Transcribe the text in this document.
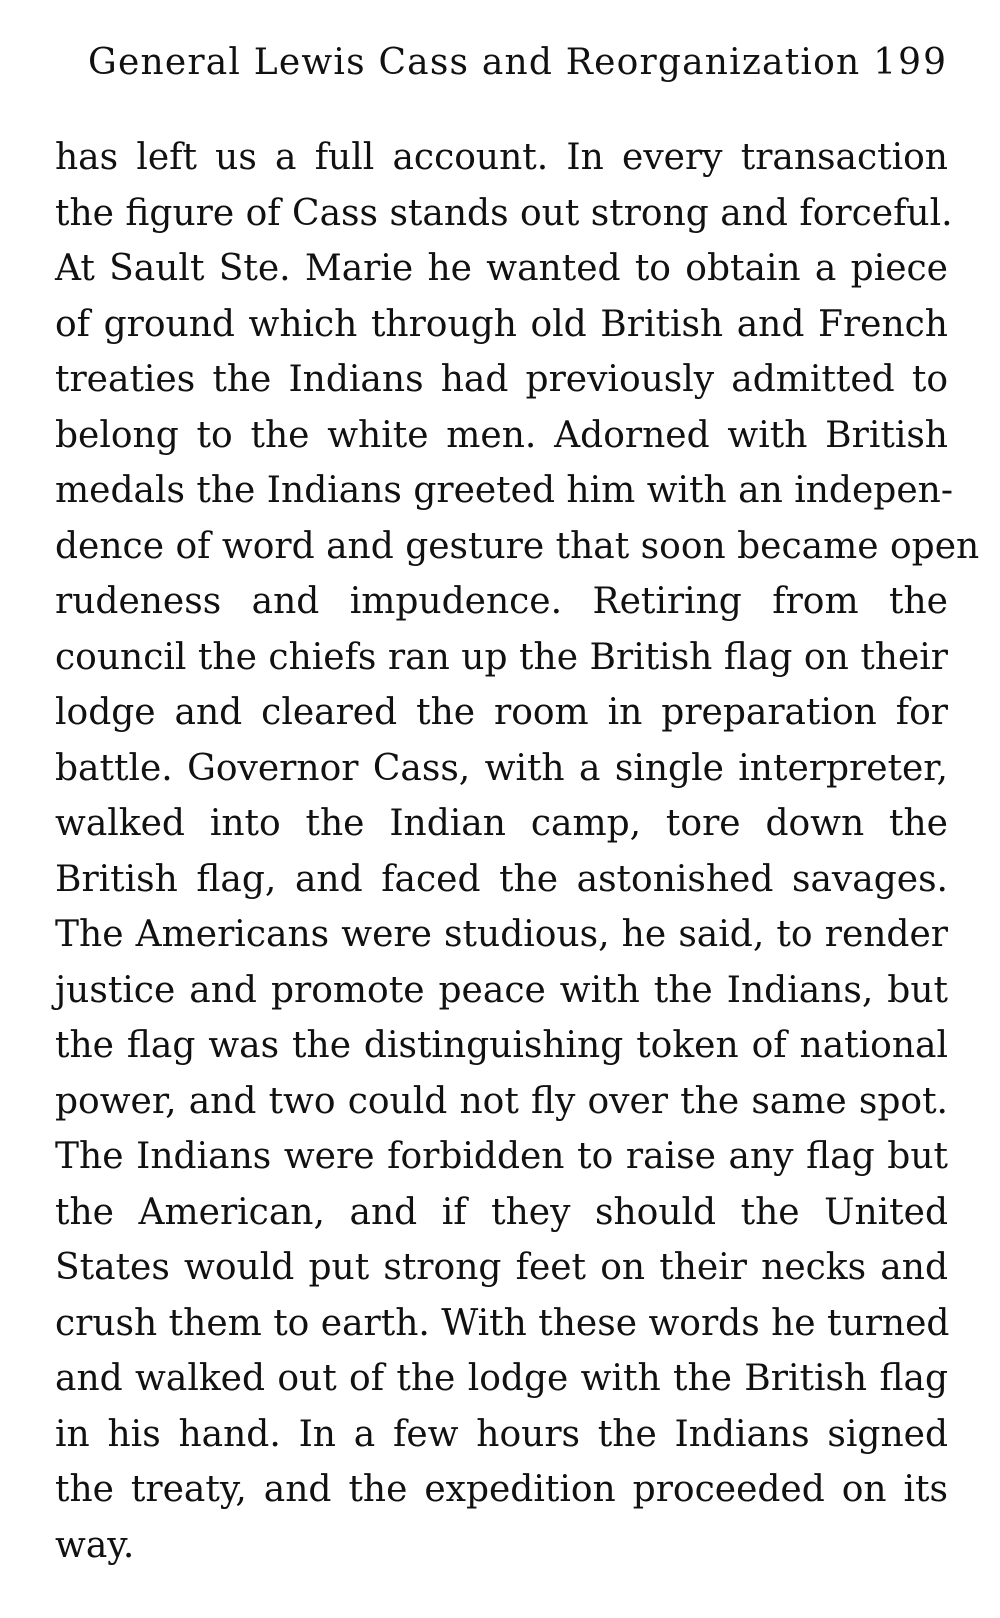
General Lewis Cass and Reorganization 199
has left us a full account. In every transaction
the figure of Cass stands out strong and forceful.
At Sault Ste. Marie he wanted to obtain a piece
of ground which through old British and French
treaties the Indians had previously admitted to
belong to the white men. Adorned with British
medals the Indians greeted him with an indepen-
dence of word and gesture that soon became open
rudeness and impudence. Retiring from the
council the chiefs ran up the British flag on their
lodge and cleared the room in preparation for
battle. Governor Cass, with a single interpreter,
walked into the Indian camp, tore down the
British flag, and faced the astonished savages.
The Americans were studious, he said, to render
justice and promote peace with the Indians, but
the flag was the distinguishing token of national
power, and two could not fly over the same spot.
The Indians were forbidden to raise any flag but
the American, and if they should the United
States would put strong feet on their necks and
crush them to earth. With these words he turned
and walked out of the lodge with the British flag
in his hand. In a few hours the Indians signed
the treaty, and the expedition proceeded on its
way.
